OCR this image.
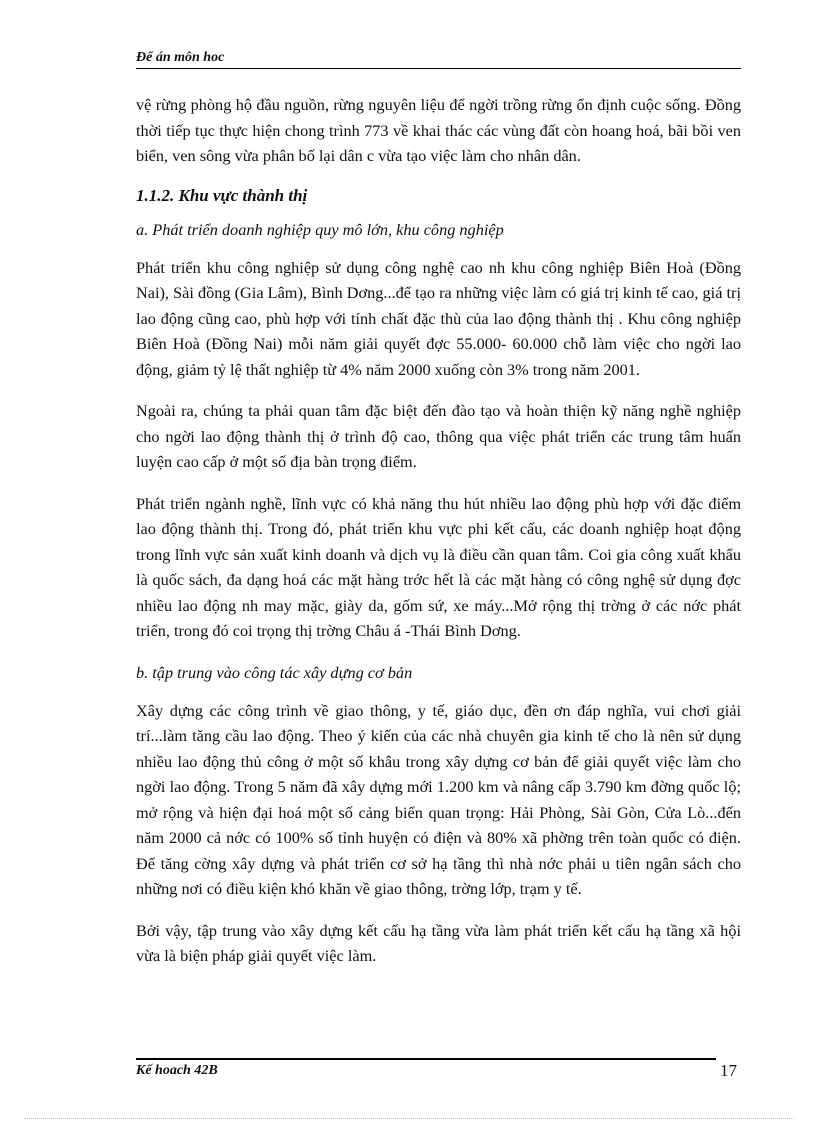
Để án môn hoc

vệ rừng phòng hộ đầu nguồn, rừng nguyên liệu để ngời trồng rừng ổn định cuộc sống. Đồng thời tiếp tục thực hiện chong trình 773 về khai thác các vùng đất còn hoang hoá, bãi bồi ven biển, ven sông vừa phân bố lại dân c vừa tạo việc làm cho nhân dân.

1.1.2. Khu vực thành thị
a. Phát triển doanh nghiệp quy mô lớn, khu công nghiệp

Phát triển khu công nghiệp sử dụng công nghệ cao nh khu công nghiệp Biên Hoà (Đồng Nai), Sài đồng (Gia Lâm), Bình Dơng...để tạo ra những việc làm có giá trị kinh tế cao, giá trị lao động cũng cao, phù hợp với tính chất đặc thù của lao động thành thị . Khu công nghiệp Biên Hoà (Đồng Nai) mỗi năm giải quyết đợc 55.000- 60.000 chỗ làm việc cho ngời lao động, giảm tỷ lệ thất nghiệp từ 4% năm 2000 xuống còn 3% trong năm 2001.

Ngoài ra, chúng ta phải quan tâm đặc biệt đến đào tạo và hoàn thiện kỹ năng nghề nghiệp cho ngời lao động thành thị ở trình độ cao, thông qua việc phát triển các trung tâm huấn luyện cao cấp ở một số địa bàn trọng điểm.

Phát triển ngành nghề, lĩnh vực có khả năng thu hút nhiều lao động phù hợp với đặc điểm lao động thành thị. Trong đó, phát triển khu vực phi kết cấu, các doanh nghiệp hoạt động trong lĩnh vực sản xuất kinh doanh và dịch vụ là điều cần quan tâm. Coi gia công xuất khẩu là quốc sách, đa dạng hoá các mặt hàng trớc hết là các mặt hàng có công nghệ sử dụng đợc nhiều lao động nh may mặc, giày da, gốm sứ, xe máy...Mở rộng thị trờng ở các nớc phát triển, trong đó coi trọng thị trờng Châu á -Thái Bình Dơng.

b. tập trung vào công tác xây dựng cơ bản

Xây dựng các công trình về giao thông, y tế, giáo dục, đền ơn đáp nghĩa, vui chơi giải trí...làm tăng cầu lao động. Theo ý kiến của các nhà chuyên gia kinh tế cho là nên sử dụng nhiều lao động thủ công ở một số khâu trong xây dựng cơ bản để giải quyết việc làm cho ngời lao động. Trong 5 năm đã xây dựng mới 1.200 km và nâng cấp 3.790 km đờng quốc lộ; mở rộng và hiện đại hoá một số cảng biển quan trọng: Hải Phòng, Sài Gòn, Cửa Lò...đến năm 2000 cả nớc có 100% số tỉnh huyện có điện và 80% xã phờng trên toàn quốc có điện. Để tăng cờng xây dựng và phát triển cơ sở hạ tầng thì nhà nớc phải u tiên ngân sách cho những nơi có điều kiện khó khăn về giao thông, trờng lớp, trạm y tế.

Bởi vậy, tập trung vào xây dựng kết cấu hạ tầng vừa làm phát triển kết cấu hạ tầng xã hội vừa là biện pháp giải quyết việc làm.

Kế hoach 42B	17
